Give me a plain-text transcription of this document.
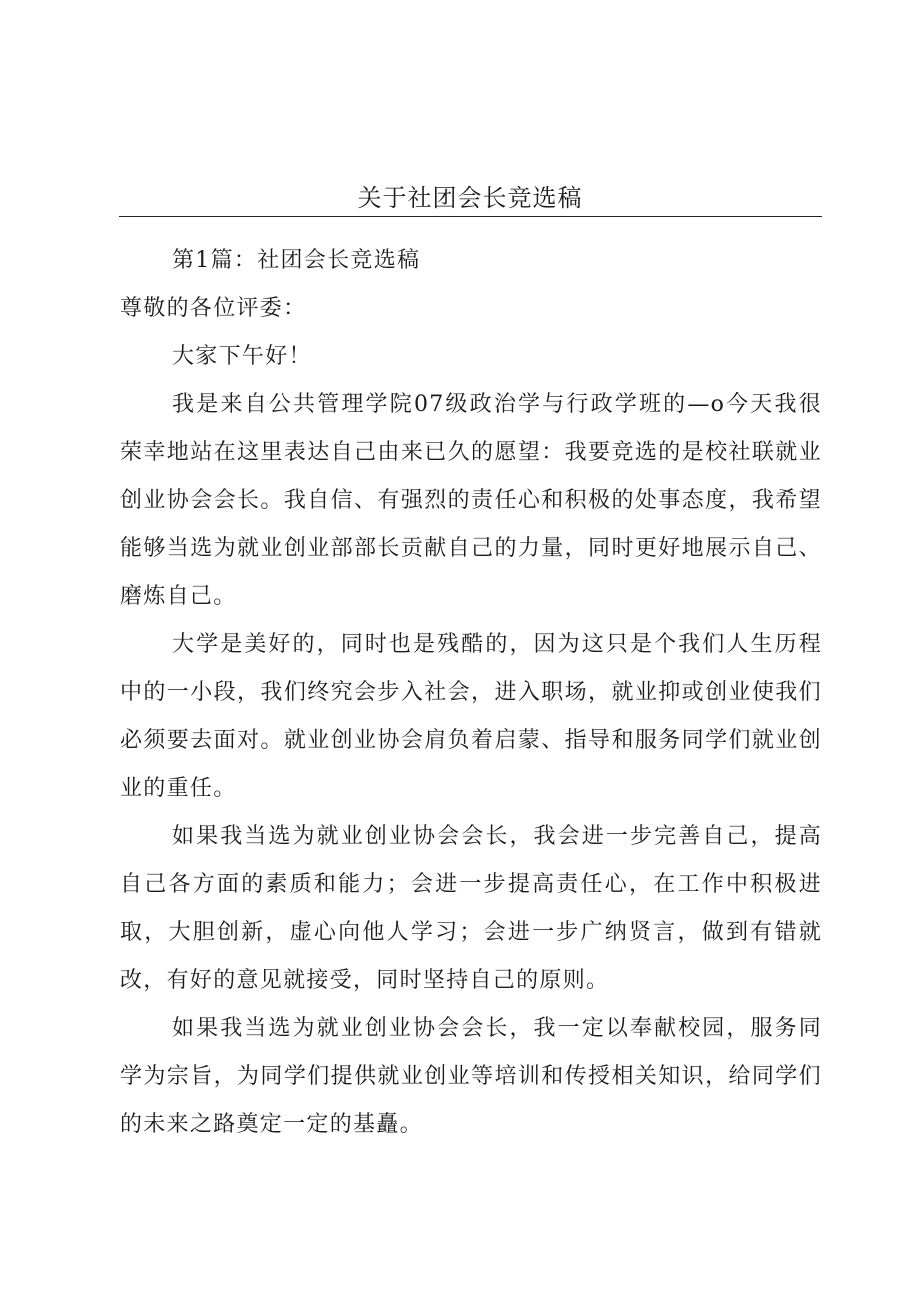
关于社团会长竞选稿

第1篇：社团会长竞选稿

尊敬的各位评委：

大家下午好！

我是来自公共管理学院07级政治学与行政学班的—o今天我很荣幸地站在这里表达自己由来已久的愿望：我要竞选的是校社联就业创业协会会长。我自信、有强烈的责任心和积极的处事态度，我希望能够当选为就业创业部部长贡献自己的力量，同时更好地展示自己、磨炼自己。

大学是美好的，同时也是残酷的，因为这只是个我们人生历程中的一小段，我们终究会步入社会，进入职场，就业抑或创业使我们必须要去面对。就业创业协会肩负着启蒙、指导和服务同学们就业创业的重任。

如果我当选为就业创业协会会长，我会进一步完善自己，提高自己各方面的素质和能力；会进一步提高责任心，在工作中积极进取，大胆创新，虚心向他人学习；会进一步广纳贤言，做到有错就改，有好的意见就接受，同时坚持自己的原则。

如果我当选为就业创业协会会长，我一定以奉献校园，服务同学为宗旨，为同学们提供就业创业等培训和传授相关知识，给同学们的未来之路奠定一定的基矗。
